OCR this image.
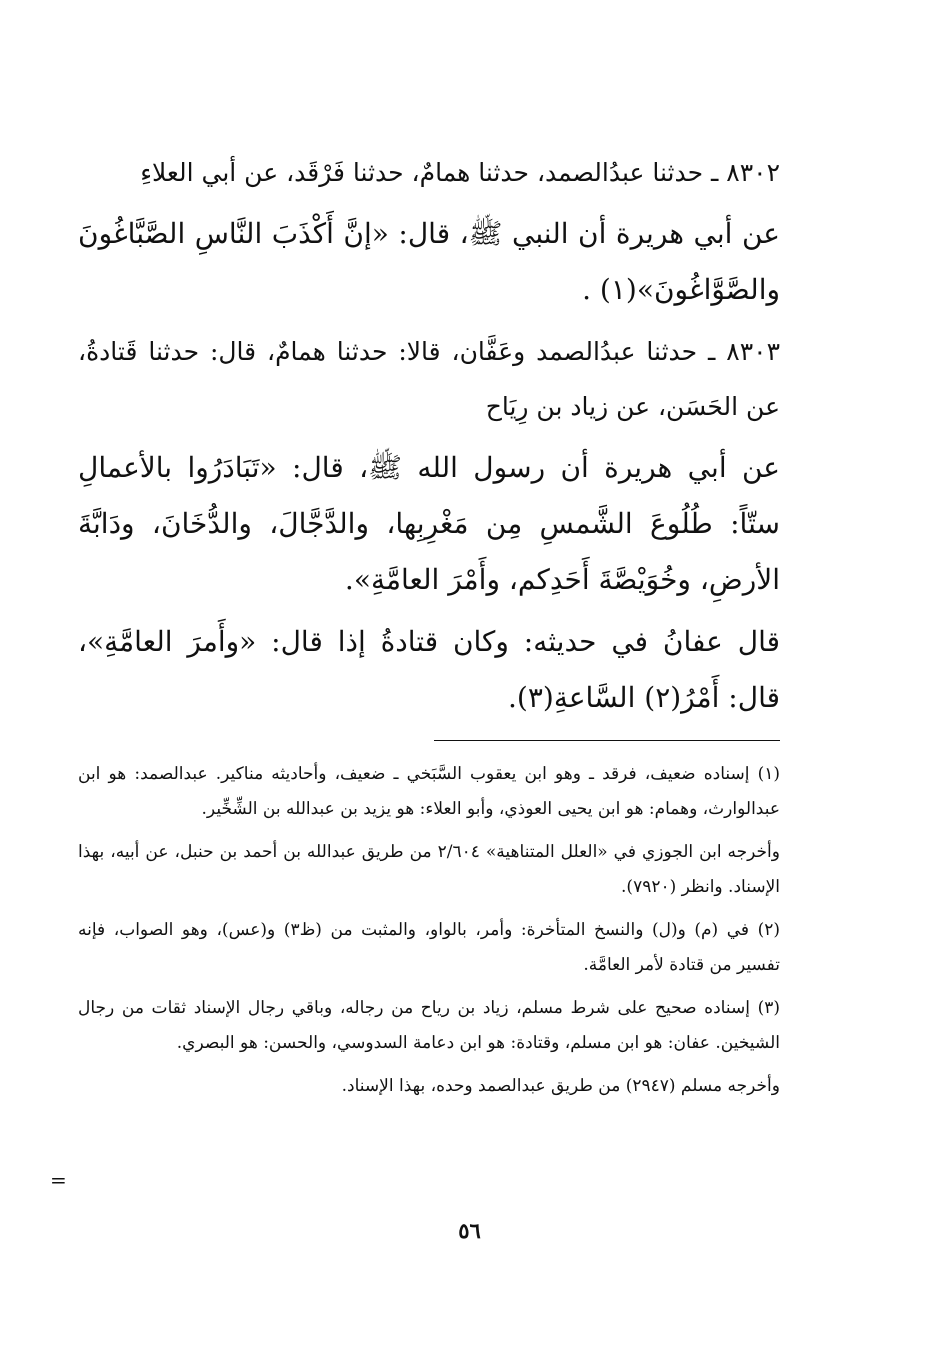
٨٣٠٢ ـ حدثنا عبدُالصمد، حدثنا همامٌ، حدثنا فَرْقَد، عن أبي العلاءِ

عن أبي هريرة أن النبي ﷺ، قال: «إنَّ أَكْذَبَ النَّاسِ الصَّبَّاغُونَ والصَّوَّاغُونَ»(١) .

٨٣٠٣ ـ حدثنا عبدُالصمد وعَفَّان، قالا: حدثنا همامٌ، قال: حدثنا قَتادةُ، عن الحَسَن، عن زياد بن رِيَاح

عن أبي هريرة أن رسول الله ﷺ، قال: «تَبَادَرُوا بالأعمالِ ستّاً: طُلُوعَ الشَّمسِ مِن مَغْرِبِها، والدَّجَّالَ، والدُّخَانَ، ودَابَّةَ الأرضِ، وخُوَيْصَّةَ أَحَدِكم، وأَمْرَ العامَّةِ».

قال عفانُ في حديثه: وكان قتادةُ إذا قال: «وأَمرَ العامَّةِ»، قال: أَمْرُ(٢) السَّاعةِ(٣).

(١) إسناده ضعيف، فرقد ـ وهو ابن يعقوب السَّبَخي ـ ضعيف، وأحاديثه مناكير. عبدالصمد: هو ابن عبدالوارث، وهمام: هو ابن يحيى العوذي، وأبو العلاء: هو يزيد بن عبدالله بن الشِّخِّير.

وأخرجه ابن الجوزي في «العلل المتناهية» ٢/٦٠٤ من طريق عبدالله بن أحمد بن حنبل، عن أبيه، بهذا الإسناد. وانظر (٧٩٢٠).

(٢) في (م) و(ل) والنسخ المتأخرة: وأمر، بالواو، والمثبت من (ظ٣) و(عس)، وهو الصواب، فإنه تفسير من قتادة لأمر العامَّة.

(٣) إسناده صحيح على شرط مسلم، زياد بن رياح من رجاله، وباقي رجال الإسناد ثقات من رجال الشيخين. عفان: هو ابن مسلم، وقتادة: هو ابن دعامة السدوسي، والحسن: هو البصري.

وأخرجه مسلم (٢٩٤٧) من طريق عبدالصمد وحده، بهذا الإسناد.

=
٥٦
